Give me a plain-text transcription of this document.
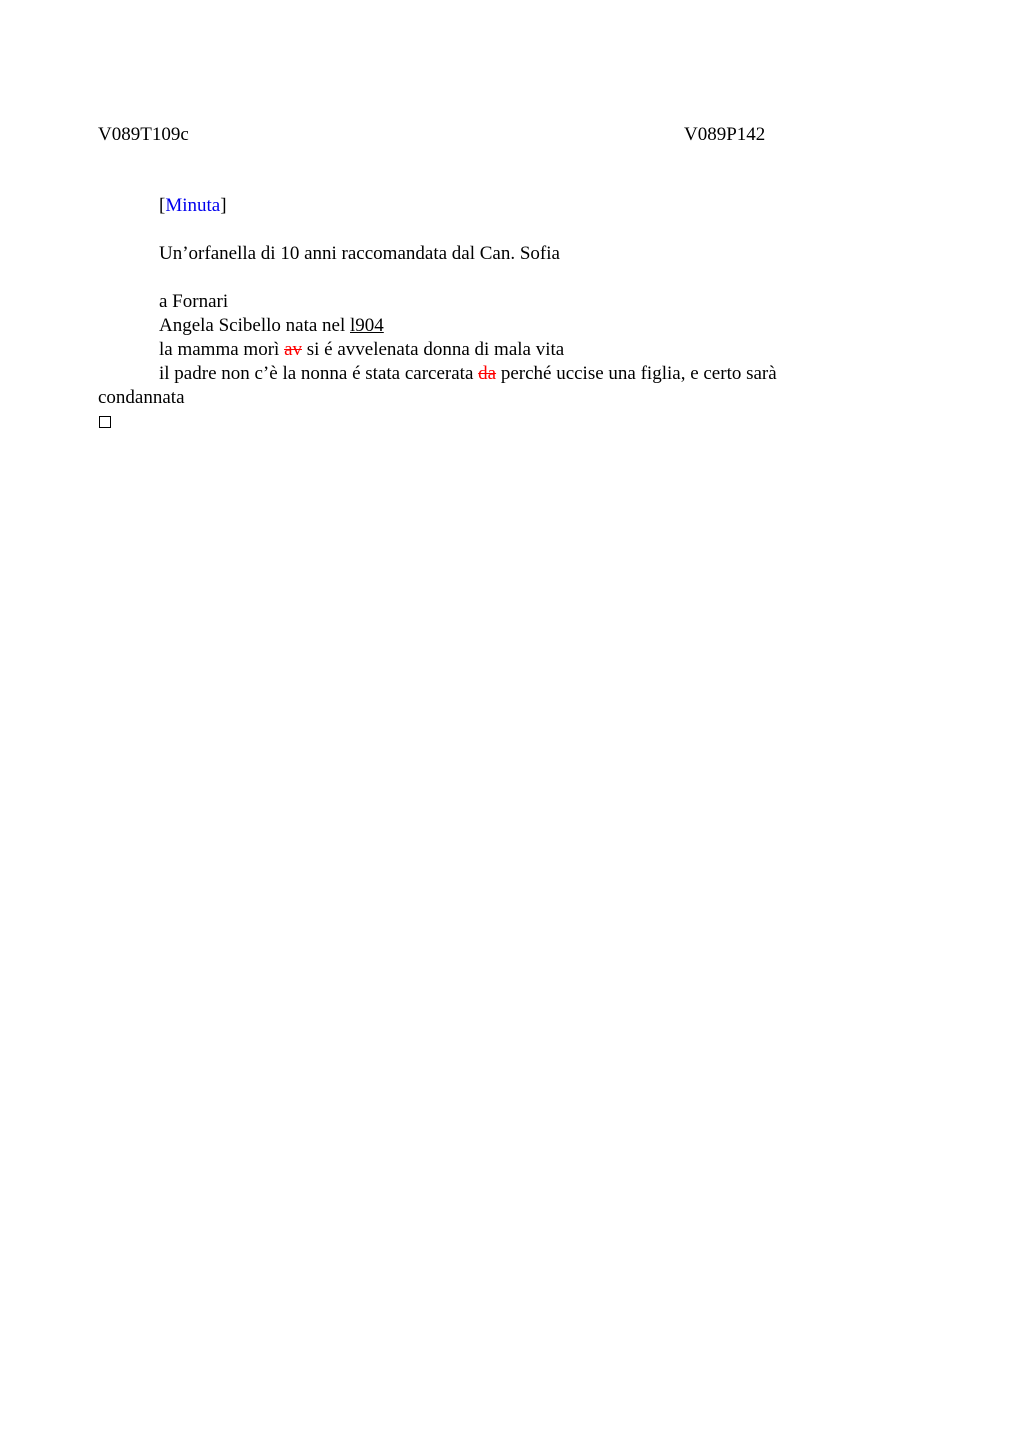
V089T109c	V089P142

[Minuta]

Un’orfanella di 10 anni raccomandata dal Can. Sofia

a Fornari

Angela Scibello nata nel l904

la mamma morì av si é avvelenata donna di mala vita

il padre non c’è la nonna é stata carcerata da perché uccise una figlia, e certo sarà condannata
